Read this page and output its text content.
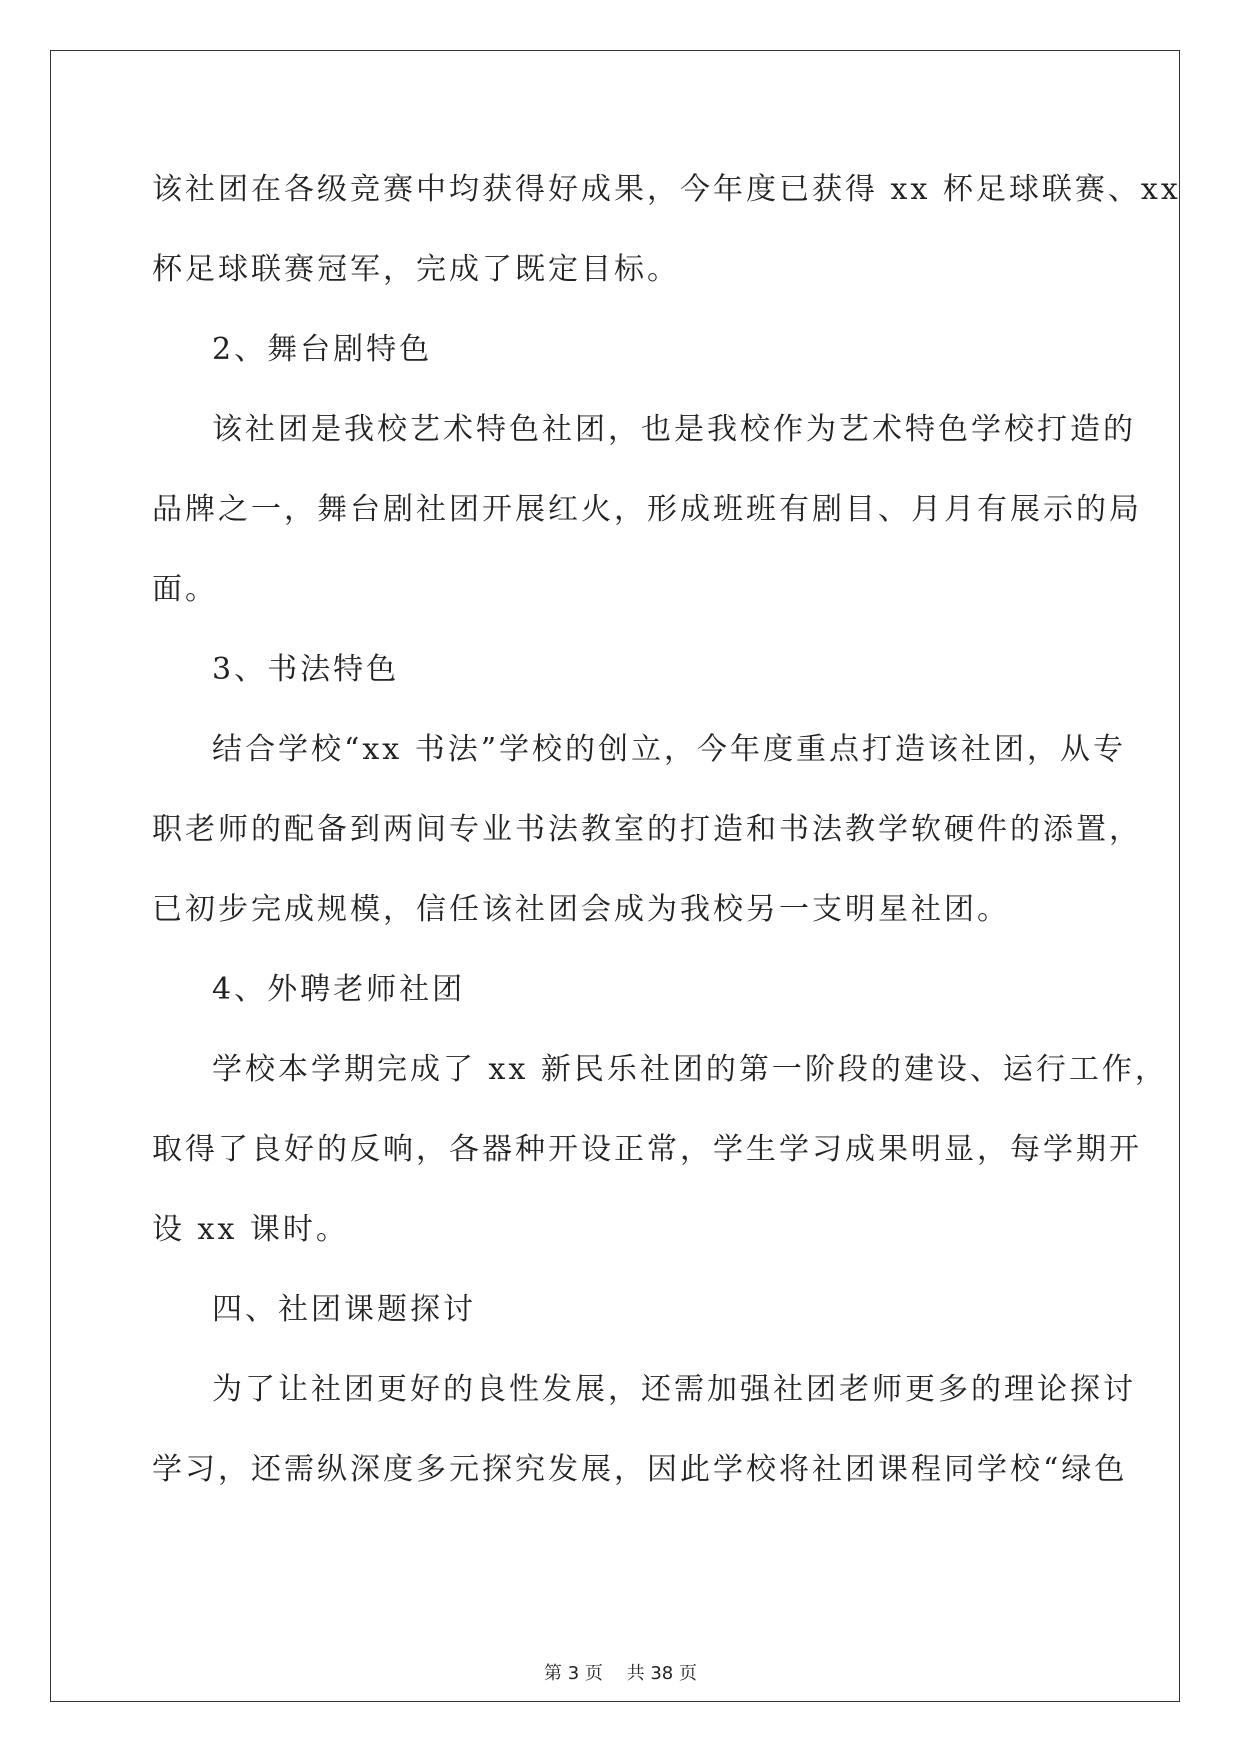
该社团在各级竞赛中均获得好成果，今年度已获得 xx 杯足球联赛、xx
杯足球联赛冠军，完成了既定目标。
2、舞台剧特色
该社团是我校艺术特色社团，也是我校作为艺术特色学校打造的
品牌之一，舞台剧社团开展红火，形成班班有剧目、月月有展示的局
面。
3、书法特色
结合学校“xx 书法”学校的创立，今年度重点打造该社团，从专
职老师的配备到两间专业书法教室的打造和书法教学软硬件的添置，
已初步完成规模，信任该社团会成为我校另一支明星社团。
4、外聘老师社团
学校本学期完成了 xx 新民乐社团的第一阶段的建设、运行工作，
取得了良好的反响，各器种开设正常，学生学习成果明显，每学期开
设 xx 课时。
四、社团课题探讨
为了让社团更好的良性发展，还需加强社团老师更多的理论探讨
学习，还需纵深度多元探究发展，因此学校将社团课程同学校“绿色
第 3 页　 共 38 页
